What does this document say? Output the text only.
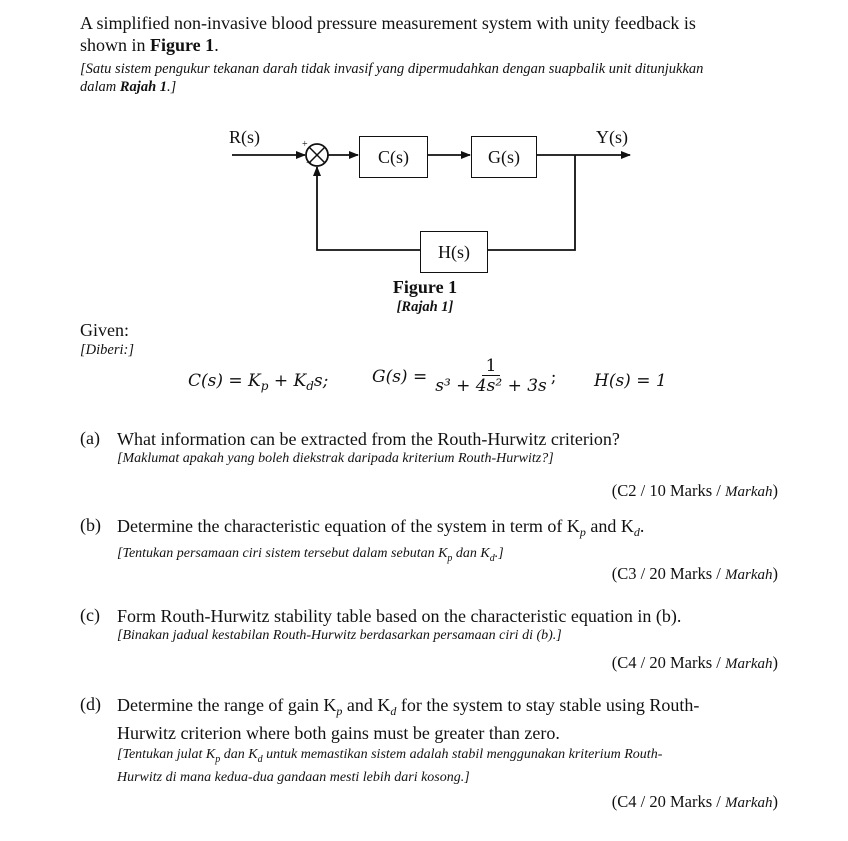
A simplified non-invasive blood pressure measurement system with unity feedback is
shown in Figure 1.
[Satu sistem pengukur tekanan darah tidak invasif yang dipermudahkan dengan suapbalik unit ditunjukkan
dalam Rajah 1.]
R(s)	Y(s)
+
−	C(s)	G(s)
H(s)
Figure 1
[Rajah 1]
Given:
[Diberi:]
$C(s) = K_p + K_ds$;	$G(s) = \frac{1}{\text{s³ + 4s² + 3s}}$ ; H(s) = 1
(a) What information can be extracted from the Routh-Hurwitz criterion?
[Maklumat apakah yang boleh diekstrak daripada kriterium Routh-Hurwitz?]
(C2 / 10 Marks / Markah)
(b) Determine the characteristic equation of the system in term of $K_p$ and $K_d$.
[Tentukan persamaan ciri sistem tersebut dalam sebutan $K_p$ dan $K_d$.]
(C3 / 20 Marks / Markah)
(c) Form Routh-Hurwitz stability table based on the characteristic equation in (b).
[Binakan jadual kestabilan Routh-Hurwitz berdasarkan persamaan ciri di (b).]
(C4 / 20 Marks / Markah)
(d) Determine the range of gain $K_p$ and $K_d$ for the system to stay stable using Routh-
Hurwitz criterion where both gains must be greater than zero.
[Tentukan julat $K_p$ dan $K_d$ untuk memastikan sistem adalah stabil menggunakan kriterium Routh-
Hurwitz di mana kedua-dua gandaan mesti lebih dari kosong.]
(C4 / 20 Marks / Markah)
